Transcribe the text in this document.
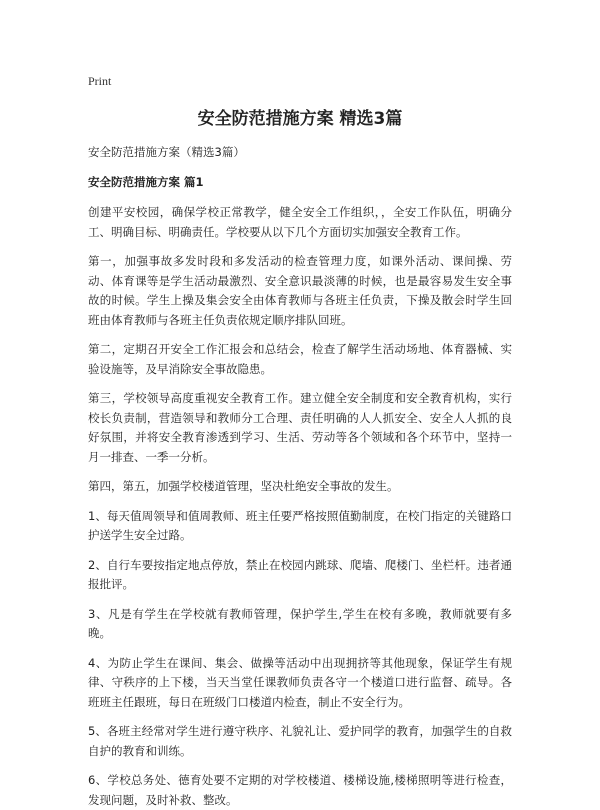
Print
安全防范措施方案 精选3篇
安全防范措施方案（精选3篇）
安全防范措施方案 篇1

创建平安校园，确保学校正常教学，健全安全工作组织，，全安工作队伍，明确分工、明确目标、明确责任。学校要从以下几个方面切实加强安全教育工作。

第一，加强事故多发时段和多发活动的检查管理力度，如课外活动、课间操、劳动、体育课等是学生活动最激烈、安全意识最淡薄的时候，也是最容易发生安全事故的时候。学生上操及集会安全由体育教师与各班主任负责，下操及散会时学生回班由体育教师与各班主任负责依规定顺序排队回班。

第二，定期召开安全工作汇报会和总结会，检查了解学生活动场地、体育器械、实验设施等，及早消除安全事故隐患。

第三，学校领导高度重视安全教育工作。建立健全安全制度和安全教育机构，实行校长负责制，营造领导和教师分工合理、责任明确的人人抓安全、安全人人抓的良好氛围，并将安全教育渗透到学习、生活、劳动等各个领域和各个环节中，坚持一月一排查、一季一分析。

第四，第五，加强学校楼道管理，坚决杜绝安全事故的发生。

1、每天值周领导和值周教师、班主任要严格按照值勤制度，在校门指定的关键路口护送学生安全过路。

2、自行车要按指定地点停放，禁止在校园内跳球、爬墙、爬楼门、坐栏杆。违者通报批评。

3、凡是有学生在学校就有教师管理，保护学生,学生在校有多晚，教师就要有多晚。

4、为防止学生在课间、集会、做操等活动中出现拥挤等其他现象，保证学生有规律、守秩序的上下楼，当天当堂任课教师负责各守一个楼道口进行监督、疏导。各班班主任跟班，每日在班级门口楼道内检查，制止不安全行为。

5、各班主经常对学生进行遵守秩序、礼貌礼让、爱护同学的教育，加强学生的自救自护的教育和训练。

6、学校总务处、德育处要不定期的对学校楼道、楼梯设施,楼梯照明等进行检查，发现问题，及时补救、整改。
